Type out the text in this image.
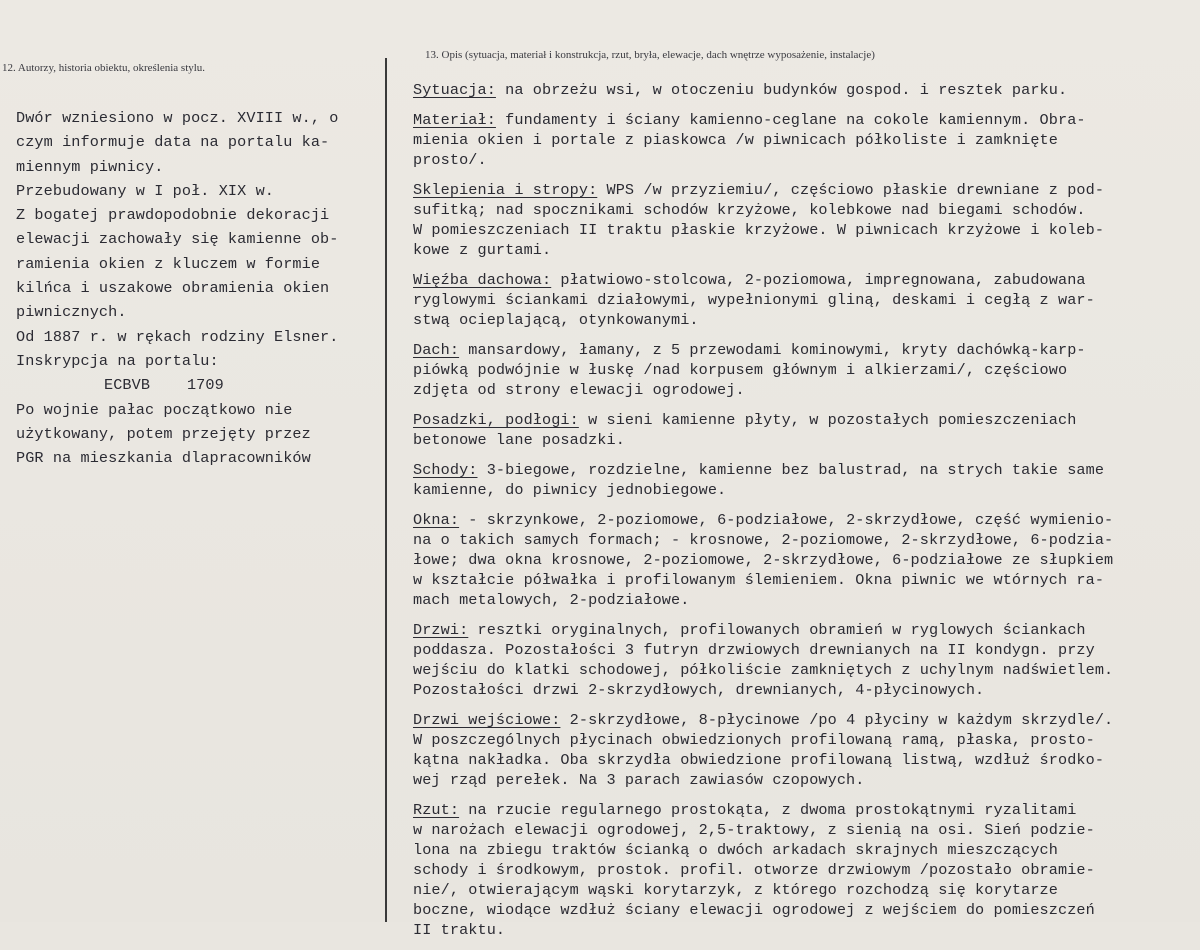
12. Autorzy, historia obiektu, określenia stylu.
13. Opis (sytuacja, materiał i konstrukcja, rzut, bryła, elewacje, dach wnętrze wyposażenie, instalacje)
Dwór wzniesiono w pocz. XVIII w., o
czym informuje data na portalu ka-
miennym piwnicy.
Przebudowany w I poł. XIX w.
Z bogatej prawdopodobnie dekoracji
elewacji zachowały się kamienne ob-
ramienia okien z kluczem w formie
kilńca i uszakowe obramienia okien
piwnicznych.
Od 1887 r. w rękach rodziny Elsner.
Inskrypcja na portalu:
ECBVB 1709
Po wojnie pałac początkowo nie
użytkowany, potem przejęty przez
PGR na mieszkania dlapracowników
Sytuacja: na obrzeżu wsi, w otoczeniu budynków gospod. i resztek parku.
Materiał: fundamenty i ściany kamienno-ceglane na cokole kamiennym. Obra-
mienia okien i portale z piaskowca /w piwnicach półkoliste i zamknięte
prosto/.
Sklepienia i stropy: WPS /w przyziemiu/, częściowo płaskie drewniane z pod-
sufitką; nad spocznikami schodów krzyżowe, kolebkowe nad biegami schodów.
W pomieszczeniach II traktu płaskie krzyżowe. W piwnicach krzyżowe i koleb-
kowe z gurtami.
Więźba dachowa: płatwiowo-stolcowa, 2-poziomowa, impregnowana, zabudowana
ryglowymi ściankami działowymi, wypełnionymi gliną, deskami i cegłą z war-
stwą ocieplającą, otynkowanymi.
Dach: mansardowy, łamany, z 5 przewodami kominowymi, kryty dachówką-karp-
piówką podwójnie w łuskę /nad korpusem głównym i alkierzami/, częściowo
zdjęta od strony elewacji ogrodowej.
Posadzki, podłogi: w sieni kamienne płyty, w pozostałych pomieszczeniach
betonowe lane posadzki.
Schody: 3-biegowe, rozdzielne, kamienne bez balustrad, na strych takie same
kamienne, do piwnicy jednobiegowe.
Okna: - skrzynkowe, 2-poziomowe, 6-podziałowe, 2-skrzydłowe, część wymienio-
na o takich samych formach; - krosnowe, 2-poziomowe, 2-skrzydłowe, 6-podzia-
łowe; dwa okna krosnowe, 2-poziomowe, 2-skrzydłowe, 6-podziałowe ze słupkiem
w kształcie półwałka i profilowanym ślemieniem. Okna piwnic we wtórnych ra-
mach metalowych, 2-podziałowe.
Drzwi: resztki oryginalnych, profilowanych obramień w ryglowych ściankach
poddasza. Pozostałości 3 futryn drzwiowych drewnianych na II kondygn. przy
wejściu do klatki schodowej, półkoliście zamkniętych z uchylnym nadświetlem.
Pozostałości drzwi 2-skrzydłowych, drewnianych, 4-płycinowych.
Drzwi wejściowe: 2-skrzydłowe, 8-płycinowe /po 4 płyciny w każdym skrzydle/.
W poszczególnych płycinach obwiedzionych profilowaną ramą, płaska, prosto-
kątna nakładka. Oba skrzydła obwiedzione profilowaną listwą, wzdłuż środko-
wej rząd perełek. Na 3 parach zawiasów czopowych.
Rzut: na rzucie regularnego prostokąta, z dwoma prostokątnymi ryzalitami
w narożach elewacji ogrodowej, 2,5-traktowy, z sienią na osi. Sień podzie-
lona na zbiegu traktów ścianką o dwóch arkadach skrajnych mieszczących
schody i środkowym, prostok. profil. otworze drzwiowym /pozostało obramie-
nie/, otwierającym wąski korytarzyk, z którego rozchodzą się korytarze
boczne, wiodące wzdłuż ściany elewacji ogrodowej z wejściem do pomieszczeń
II traktu.
